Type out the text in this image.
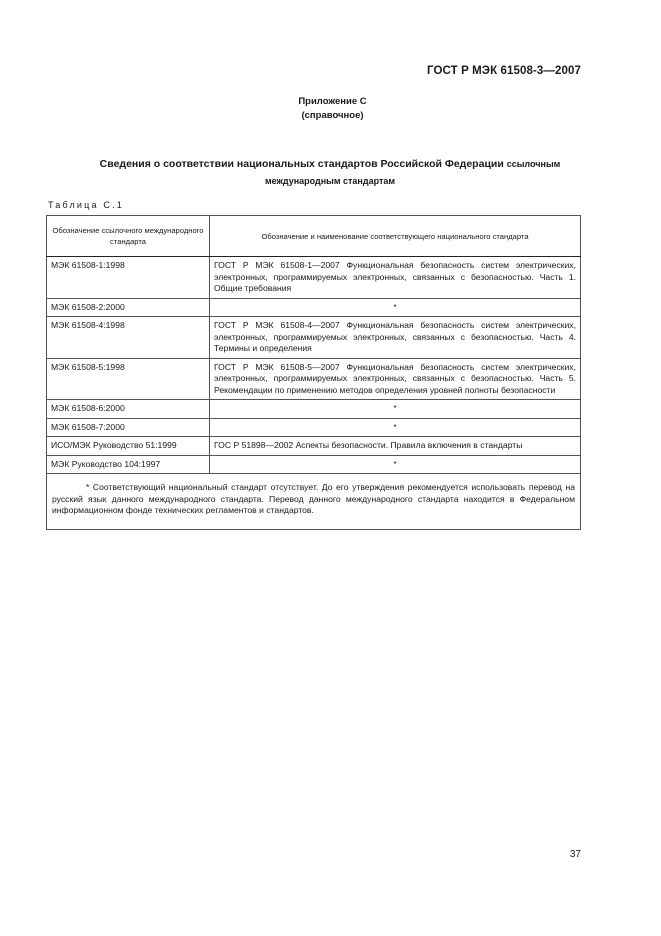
ГОСТ Р МЭК 61508-3—2007
Приложение С
(справочное)
Сведения о соответствии национальных стандартов Российской Федерации ссылочным
международным стандартам
Таблица С.1
Обозначение ссылочного международного стандарта	Обозначение и наименование соответствующего национального стандарта
МЭК 61508-1:1998	ГОСТ Р МЭК 61508-1—2007 Функциональная безопасность систем электрических, электронных, программируемых электронных, связанных с безопасностью. Часть 1. Общие требования
МЭК 61508-2:2000	*
МЭК 61508-4:1998	ГОСТ Р МЭК 61508-4—2007 Функциональная безопасность систем электрических, электронных, программируемых электронных, связанных с безопасностью. Часть 4. Термины и определения
МЭК 61508-5:1998	ГОСТ Р МЭК 61508-5—2007 Функциональная безопасность систем электрических, электронных, программируемых электронных, связанных с безопасностью. Часть 5. Рекомендации по применению методов определения уровней полноты безопасности
МЭК 61508-6:2000	*
МЭК 61508-7:2000	*
ИСО/МЭК Руководство 51:1999	ГОС Р 51898—2002 Аспекты безопасности. Правила включения в стандарты
МЭК Руководство 104:1997	*
* Соответствующий национальный стандарт отсутствует. До его утверждения рекомендуется использовать перевод на русский язык данного международного стандарта. Перевод данного международного стандарта находится в Федеральном информационном фонде технических регламентов и стандартов.	
37
